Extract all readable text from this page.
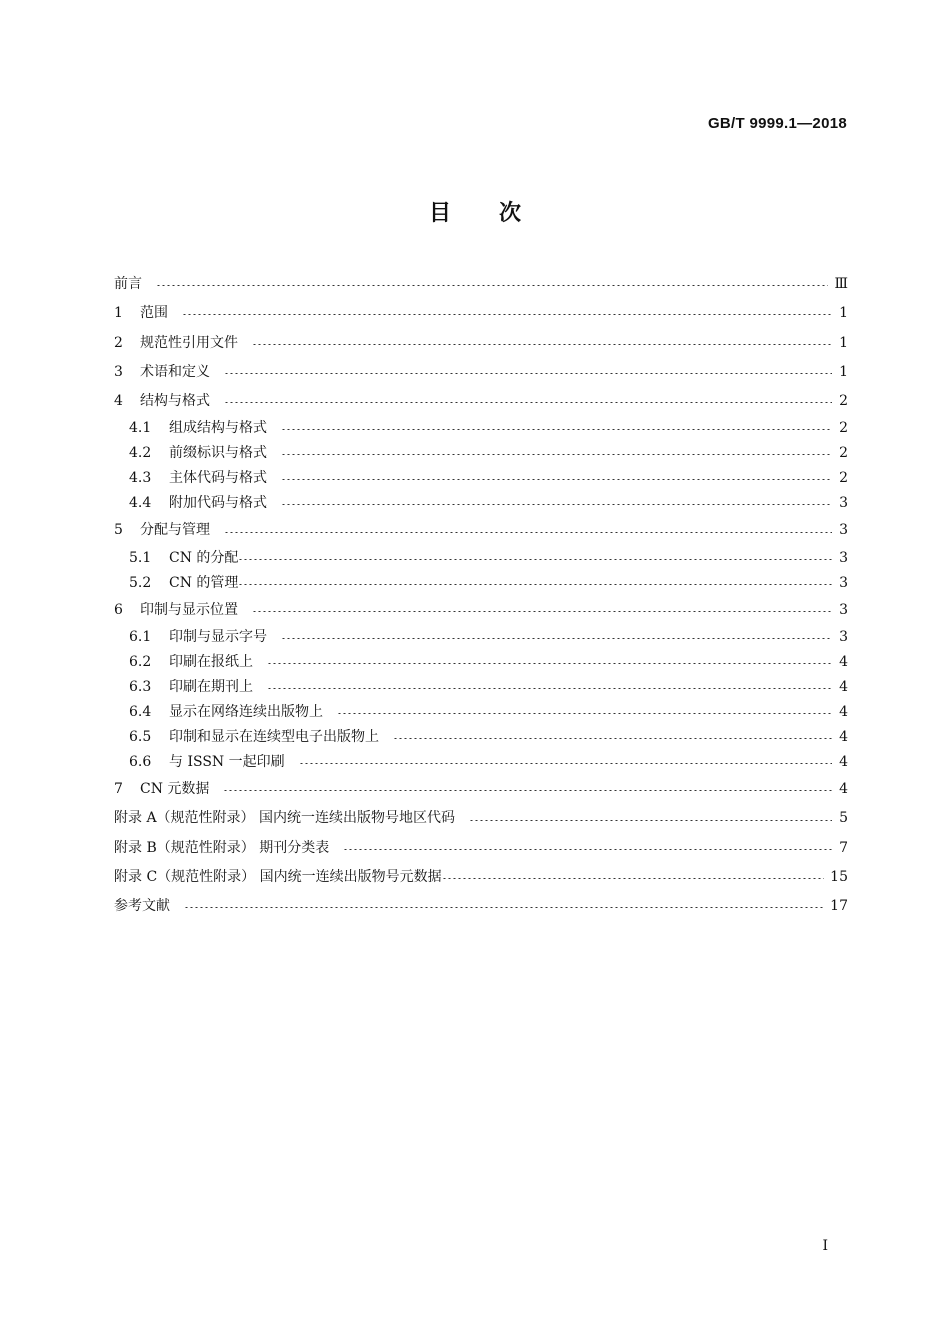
GB/T 9999.1—2018
目次
前言	Ⅲ
1	范围	1
2	规范性引用文件	1
3	术语和定义	1
4	结构与格式	2
4.1	组成结构与格式	2
4.2	前缀标识与格式	2
4.3	主体代码与格式	2
4.4	附加代码与格式	3
5	分配与管理	3
5.1	CN 的分配	3
5.2	CN 的管理	3
6	印制与显示位置	3
6.1	印制与显示字号	3
6.2	印刷在报纸上	4
6.3	印刷在期刊上	4
6.4	显示在网络连续出版物上	4
6.5	印制和显示在连续型电子出版物上	4
6.6	与 ISSN 一起印刷	4
7	CN 元数据	4
附录 A（规范性附录） 国内统一连续出版物号地区代码	5
附录 B（规范性附录） 期刊分类表	7
附录 C（规范性附录） 国内统一连续出版物号元数据	15
参考文献	17
I
